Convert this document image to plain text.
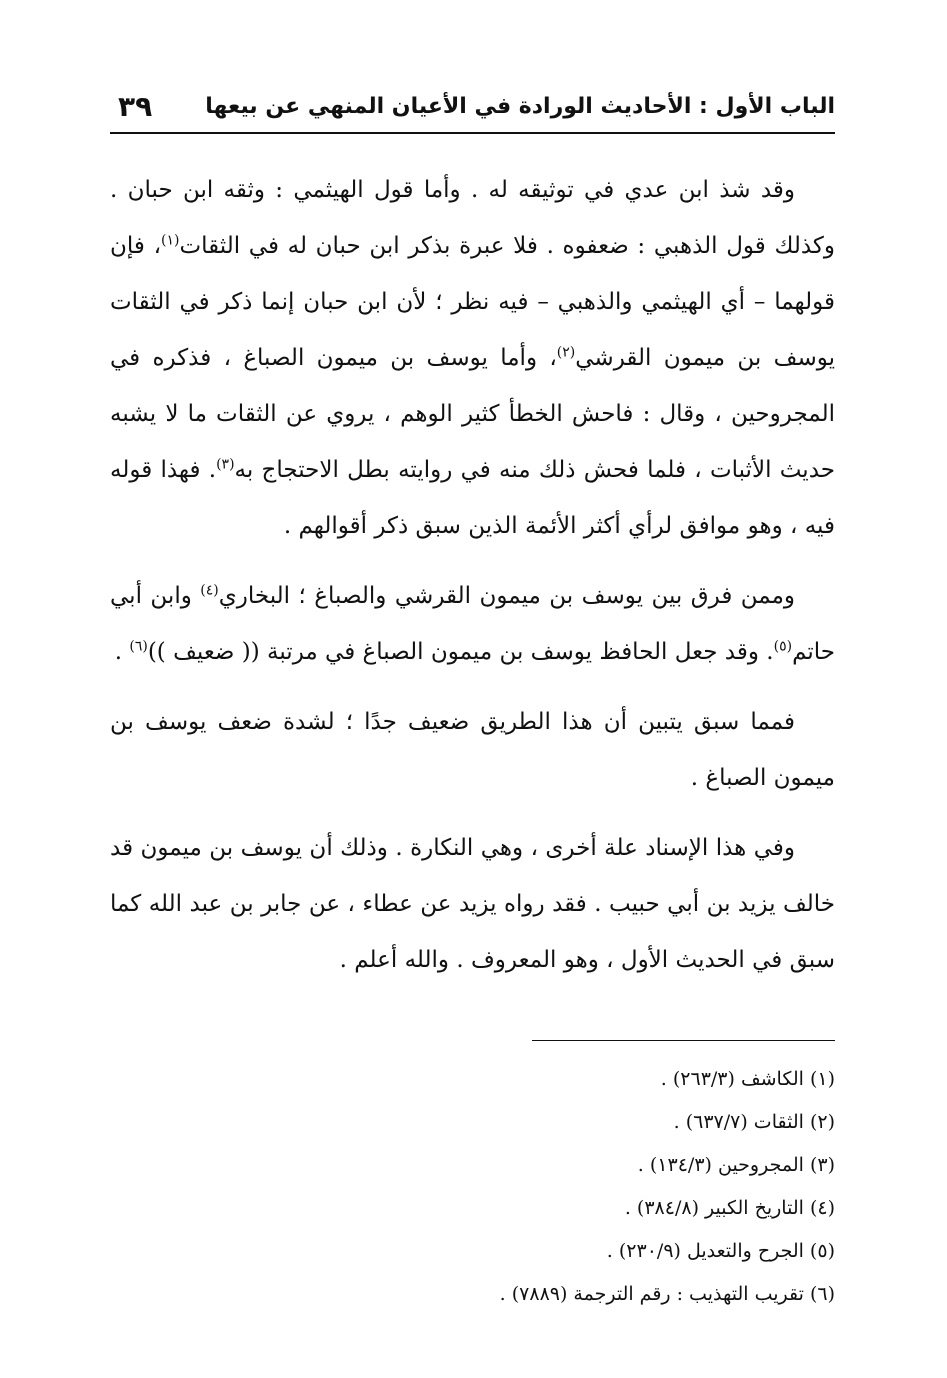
الباب الأول : الأحاديث الورادة في الأعيان المنهي عن بيعها
٣٩

وقد شذ ابن عدي في توثيقه له . وأما قول الهيثمي : وثقه ابن حبان . وكذلك قول الذهبي : ضعفوه . فلا عبرة بذكر ابن حبان له في الثقات$^{(١)}$، فإن قولهما – أي الهيثمي والذهبي – فيه نظر ؛ لأن ابن حبان إنما ذكر في الثقات يوسف بن ميمون القرشي$^{(٢)}$، وأما يوسف بن ميمون الصباغ ، فذكره في المجروحين ، وقال : فاحش الخطأ كثير الوهم ، يروي عن الثقات ما لا يشبه حديث الأثبات ، فلما فحش ذلك منه في روايته بطل الاحتجاج به$^{(٣)}$. فهذا قوله فيه ، وهو موافق لرأي أكثر الأئمة الذين سبق ذكر أقوالهم .

وممن فرق بين يوسف بن ميمون القرشي والصباغ ؛ البخاري$^{(٤)}$ وابن أبي حاتم$^{(٥)}$. وقد جعل الحافظ يوسف بن ميمون الصباغ في مرتبة (( ضعيف ))$^{(٦)}$ .

فمما سبق يتبين أن هذا الطريق ضعيف جدًا ؛ لشدة ضعف يوسف بن ميمون الصباغ .

وفي هذا الإسناد علة أخرى ، وهي النكارة . وذلك أن يوسف بن ميمون قد خالف يزيد بن أبي حبيب . فقد رواه يزيد عن عطاء ، عن جابر بن عبد الله كما سبق في الحديث الأول ، وهو المعروف . والله أعلم .

(١) الكاشف (٢٦٣/٣) .
(٢) الثقات (٦٣٧/٧) .
(٣) المجروحين (١٣٤/٣) .
(٤) التاريخ الكبير (٣٨٤/٨) .
(٥) الجرح والتعديل (٢٣٠/٩) .
(٦) تقريب التهذيب : رقم الترجمة (٧٨٨٩) .
